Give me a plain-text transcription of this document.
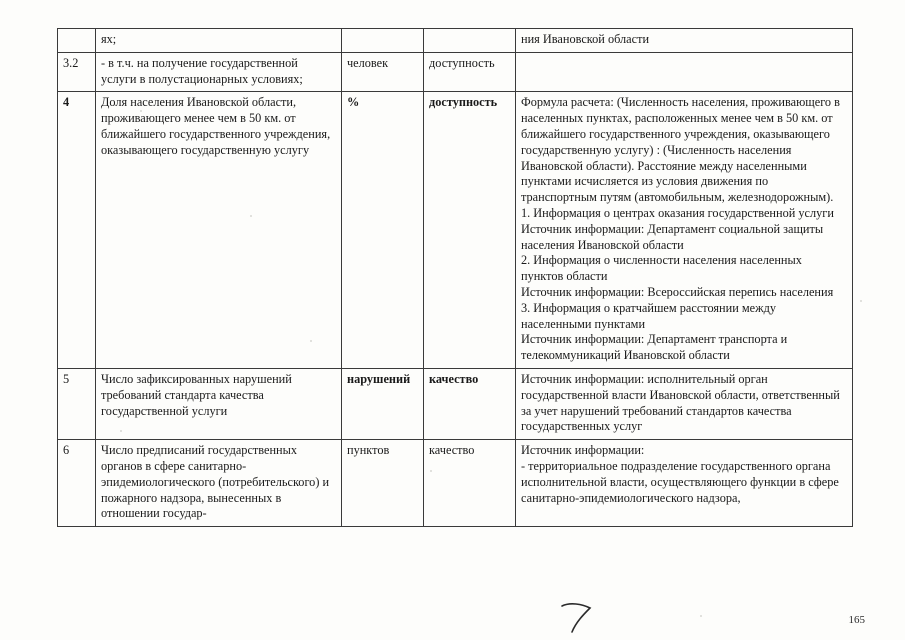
	ях;			ния Ивановской области
3.2	- в т.ч. на получение государственной услуги в полустационарных условиях;	человек	доступность	
4	Доля населения Ивановской области, проживающего менее чем в 50 км. от ближайшего государственного учреждения, оказывающего государственную услугу	%	доступность	Формула расчета: (Численность населения, проживающего в населенных пунктах, расположенных менее чем в 50 км. от ближайшего государственного учреждения, оказывающего государственную услугу) : (Численность населения Ивановской области). Расстояние между населенными пунктами исчисляется из условия движения по транспортным путям (автомобильным, железнодорожным).
1. Информация о центрах оказания государственной услуги
Источник информации: Департамент социальной защиты населения Ивановской области
2. Информация о численности населения населенных пунктов области
Источник информации: Всероссийская перепись населения
3. Информация о кратчайшем расстоянии между населенными пунктами
Источник информации: Департамент транспорта и телекоммуникаций Ивановской области

5	Число зафиксированных нарушений требований стандарта качества государственной услуги	нарушений	качество	Источник информации: исполнительный орган государственной власти Ивановской области, ответственный за учет нарушений требований стандартов качества государственных услуг
6	Число предписаний государственных органов в сфере санитарно-эпидемиологического (потребительского) и пожарного надзора, вынесенных в отношении государ-	пунктов	качество	Источник информации:
- территориальное подразделение государственного органа исполнительной власти, осуществляющего функции в сфере санитарно-эпидемиологического надзора,
165
